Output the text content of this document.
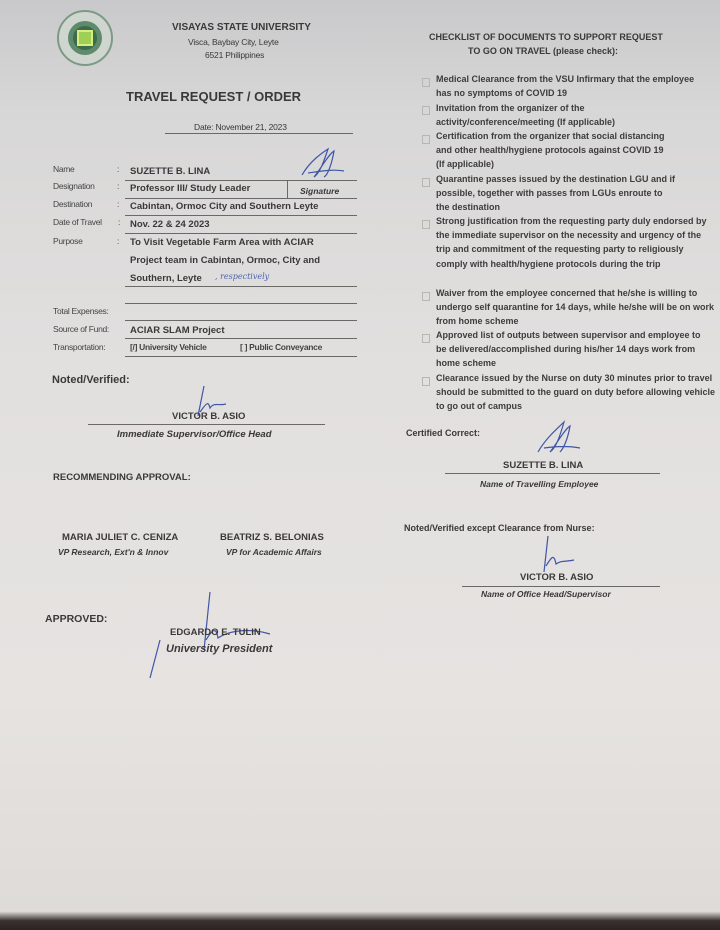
VISAYAS STATE UNIVERSITY
Visca, Baybay City, Leyte
6521 Philippines
TRAVEL REQUEST / ORDER
Date: November 21, 2023
Name	: SUZETTE B. LINA
Designation	: Professor III/ Study Leader	Signature
Destination	: Cabintan, Ormoc City and Southern Leyte
Date of Travel : Nov. 22 & 24 2023
Purpose	: To Visit Vegetable Farm Area with ACIAR
Project team in Cabintan, Ormoc, City and
Southern, Leyte , respectively
Total Expenses:
Source of Fund: ACIAR SLAM Project
Transportation:	[/] University Vehicle	[ ] Public Conveyance
Noted/Verified:
VICTOR B. ASIO
Immediate Supervisor/Office Head
RECOMMENDING APPROVAL:
MARIA JULIET C. CENIZA
VP Research, Ext'n & Innov
BEATRIZ S. BELONIAS
VP for Academic Affairs
APPROVED:
EDGARDO E. TULIN
University President
CHECKLIST OF DOCUMENTS TO SUPPORT REQUEST
TO GO ON TRAVEL (please check):
Medical Clearance from the VSU Infirmary that the employee has no symptoms of COVID 19
Invitation from the organizer of the activity/conference/meeting (If applicable)
Certification from the organizer that social distancing and other health/hygiene protocols against COVID 19 (If applicable)
Quarantine passes issued by the destination LGU and if possible, together with passes from LGUs enroute to the destination
Strong justification from the requesting party duly endorsed by the immediate supervisor on the necessity and urgency of the trip and commitment of the requesting party to religiously comply with health/hygiene protocols during the trip
Waiver from the employee concerned that he/she is willing to undergo self quarantine for 14 days, while he/she will be on work from home scheme
Approved list of outputs between supervisor and employee to be delivered/accomplished during his/her 14 days work from home scheme
Clearance issued by the Nurse on duty 30 minutes prior to travel should be submitted to the guard on duty before allowing vehicle to go out of campus
Certified Correct:
SUZETTE B. LINA
Name of Travelling Employee
Noted/Verified except Clearance from Nurse:
VICTOR B. ASIO
Name of Office Head/Supervisor
